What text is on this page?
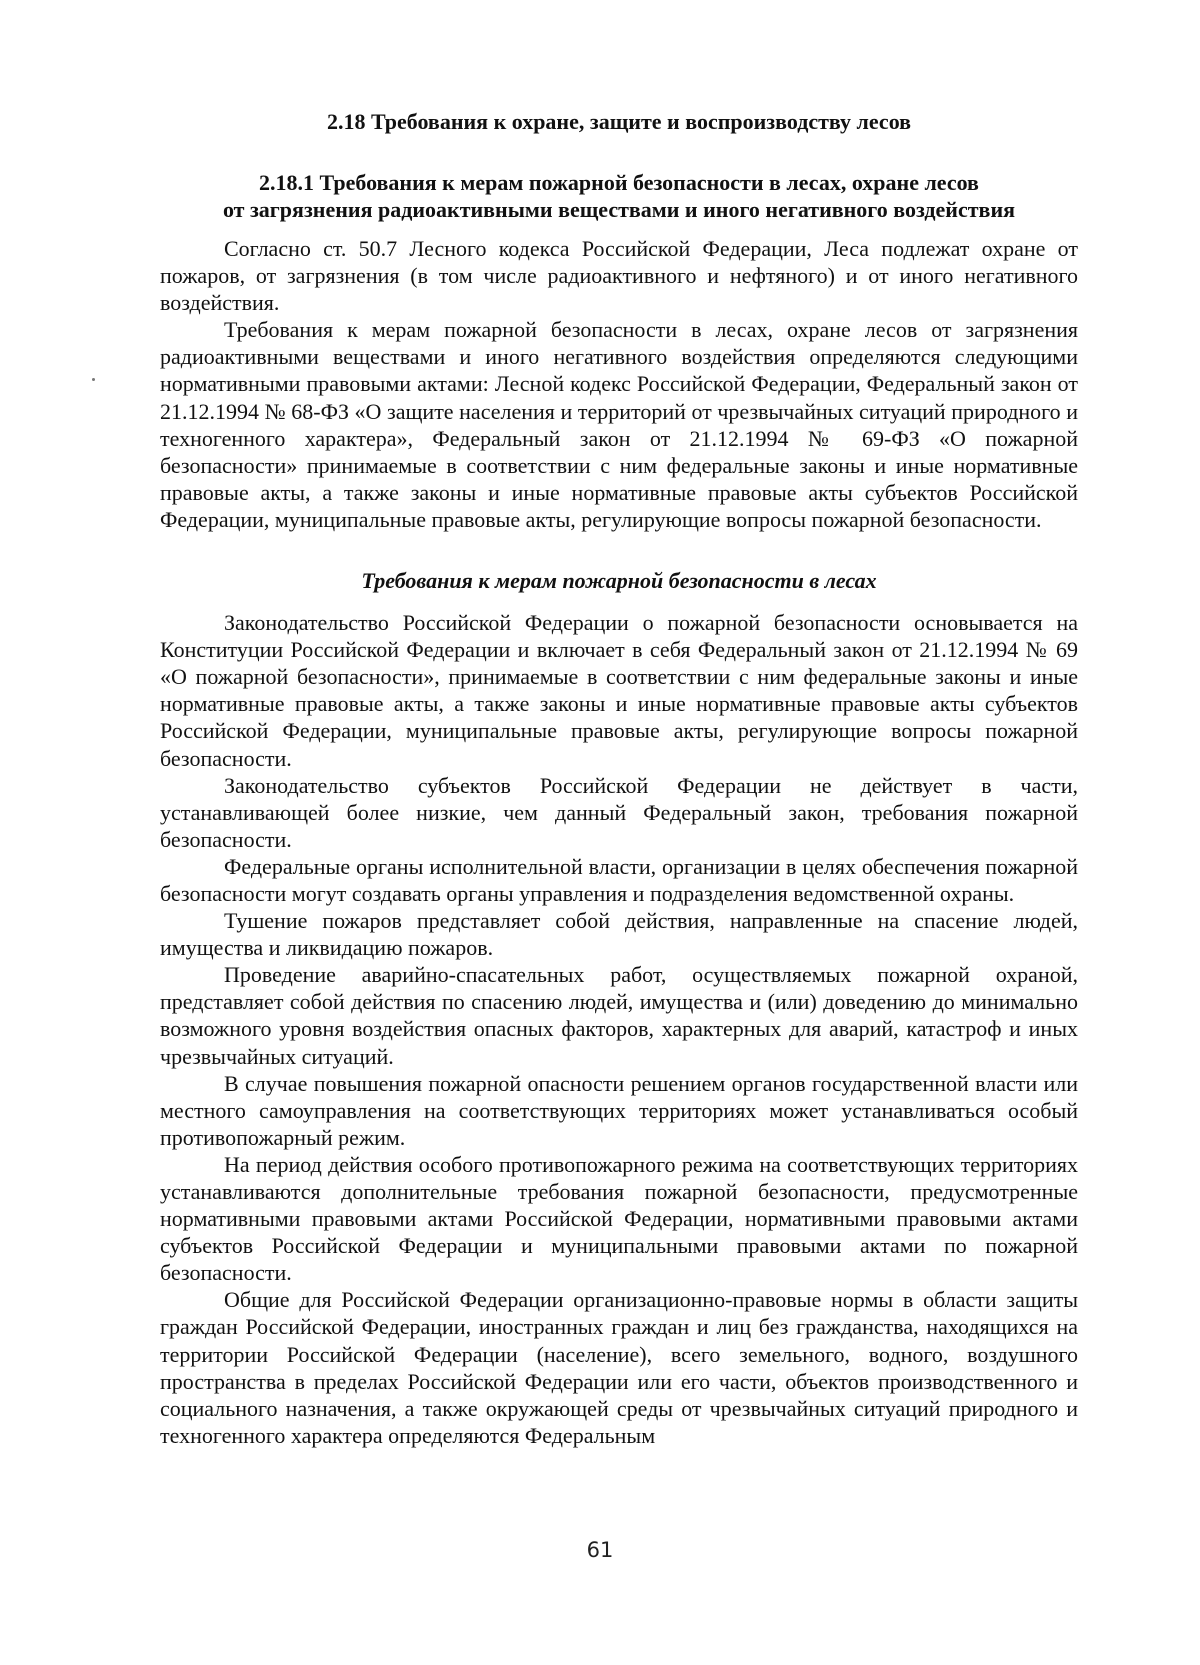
2.18 Требования к охране, защите и воспроизводству лесов
2.18.1 Требования к мерам пожарной безопасности в лесах, охране лесов
от загрязнения радиоактивными веществами и иного негативного воздействия

Согласно ст. 50.7 Лесного кодекса Российской Федерации, Леса подлежат охране от пожаров, от загрязнения (в том числе радиоактивного и нефтяного) и от иного негативного воздействия.

Требования к мерам пожарной безопасности в лесах, охране лесов от загрязнения радиоактивными веществами и иного негативного воздействия определяются следующими нормативными правовыми актами: Лесной кодекс Российской Федерации, Федеральный закон от 21.12.1994 № 68-ФЗ «О защите населения и территорий от чрезвычайных ситуаций природного и техногенного характера», Федеральный закон от 21.12.1994 № 69-ФЗ «О пожарной безопасности» принимаемые в соответствии с ним федеральные законы и иные нормативные правовые акты, а также законы и иные нормативные правовые акты субъектов Российской Федерации, муниципальные правовые акты, регулирующие вопросы пожарной безопасности.

Требования к мерам пожарной безопасности в лесах

Законодательство Российской Федерации о пожарной безопасности основывается на Конституции Российской Федерации и включает в себя Федеральный закон от 21.12.1994 № 69 «О пожарной безопасности», принимаемые в соответствии с ним федеральные законы и иные нормативные правовые акты, а также законы и иные нормативные правовые акты субъектов Российской Федерации, муниципальные правовые акты, регулирующие вопросы пожарной безопасности.

Законодательство субъектов Российской Федерации не действует в части, устанавливающей более низкие, чем данный Федеральный закон, требования пожарной безопасности.

Федеральные органы исполнительной власти, организации в целях обеспечения пожарной безопасности могут создавать органы управления и подразделения ведомственной охраны.

Тушение пожаров представляет собой действия, направленные на спасение людей, имущества и ликвидацию пожаров.

Проведение аварийно-спасательных работ, осуществляемых пожарной охраной, представляет собой действия по спасению людей, имущества и (или) доведению до минимально возможного уровня воздействия опасных факторов, характерных для аварий, катастроф и иных чрезвычайных ситуаций.

В случае повышения пожарной опасности решением органов государственной власти или местного самоуправления на соответствующих территориях может устанавливаться особый противопожарный режим.

На период действия особого противопожарного режима на соответствующих территориях устанавливаются дополнительные требования пожарной безопасности, предусмотренные нормативными правовыми актами Российской Федерации, нормативными правовыми актами субъектов Российской Федерации и муниципальными правовыми актами по пожарной безопасности.

Общие для Российской Федерации организационно-правовые нормы в области защиты граждан Российской Федерации, иностранных граждан и лиц без гражданства, находящихся на территории Российской Федерации (население), всего земельного, водного, воздушного пространства в пределах Российской Федерации или его части, объектов производственного и социального назначения, а также окружающей среды от чрезвычайных ситуаций природного и техногенного характера определяются Федеральным

61
